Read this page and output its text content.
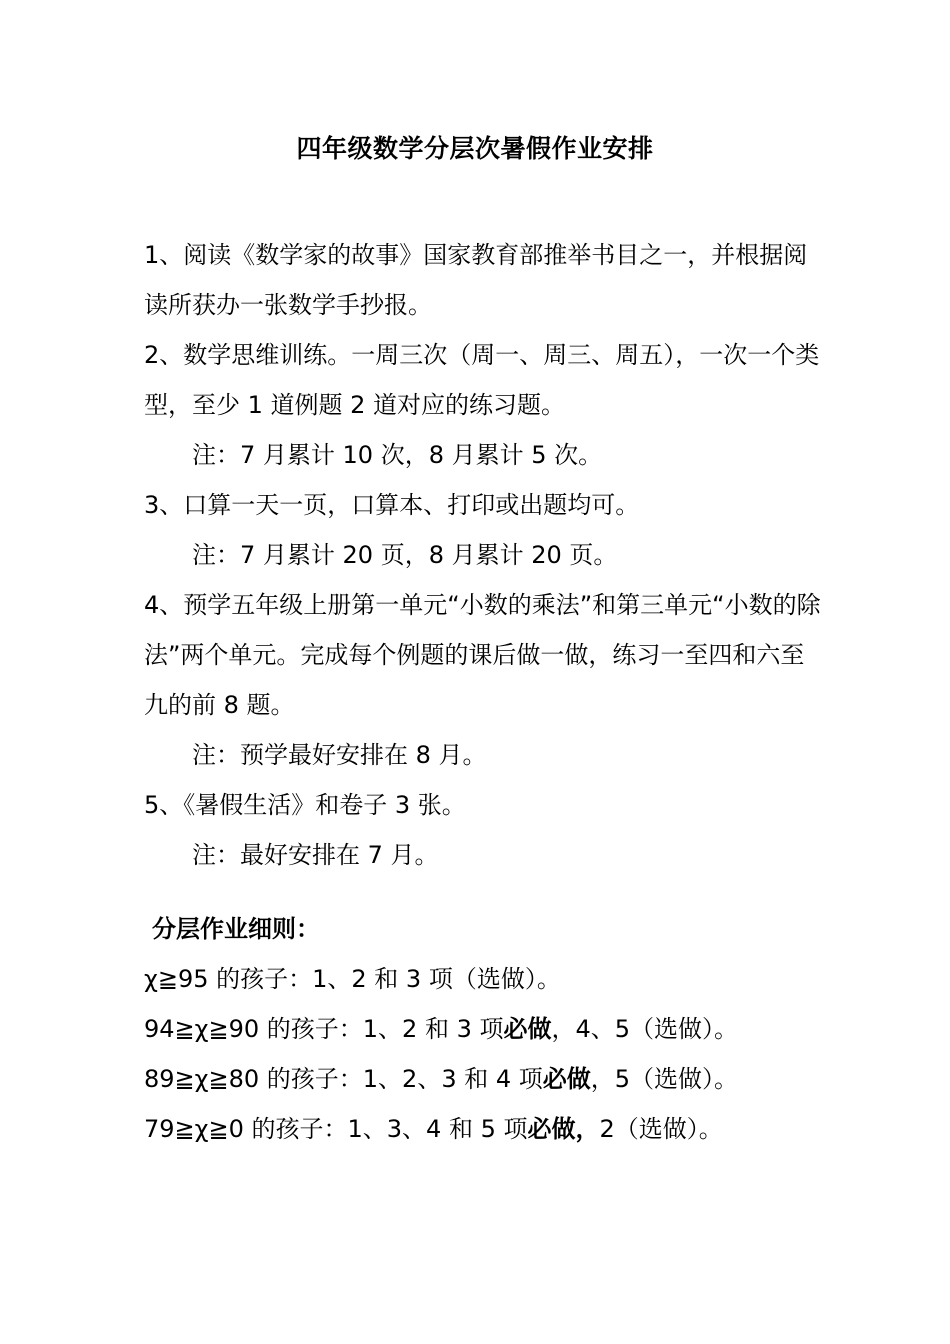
四年级数学分层次暑假作业安排

1、阅读《数学家的故事》国家教育部推举书目之一，并根据阅读所获办一张数学手抄报。

2、数学思维训练。一周三次（周一、周三、周五），一次一个类型，至少 1 道例题 2 道对应的练习题。

注：7 月累计 10 次，8 月累计 5 次。

3、口算一天一页，口算本、打印或出题均可。

注：7 月累计 20 页，8 月累计 20 页。

4、预学五年级上册第一单元“小数的乘法”和第三单元“小数的除法”两个单元。完成每个例题的课后做一做，练习一至四和六至九的前 8 题。

注：预学最好安排在 8 月。

5、《暑假生活》和卷子 3 张。

注：最好安排在 7 月。

分层作业细则：

χ≧95 的孩子：1、2 和 3 项（选做）。

94≧χ≧90 的孩子：1、2 和 3 项必做，4、5（选做）。

89≧χ≧80 的孩子：1、2、3 和 4 项必做，5（选做）。

79≧χ≧0 的孩子：1、3、4 和 5 项必做，2（选做）。
